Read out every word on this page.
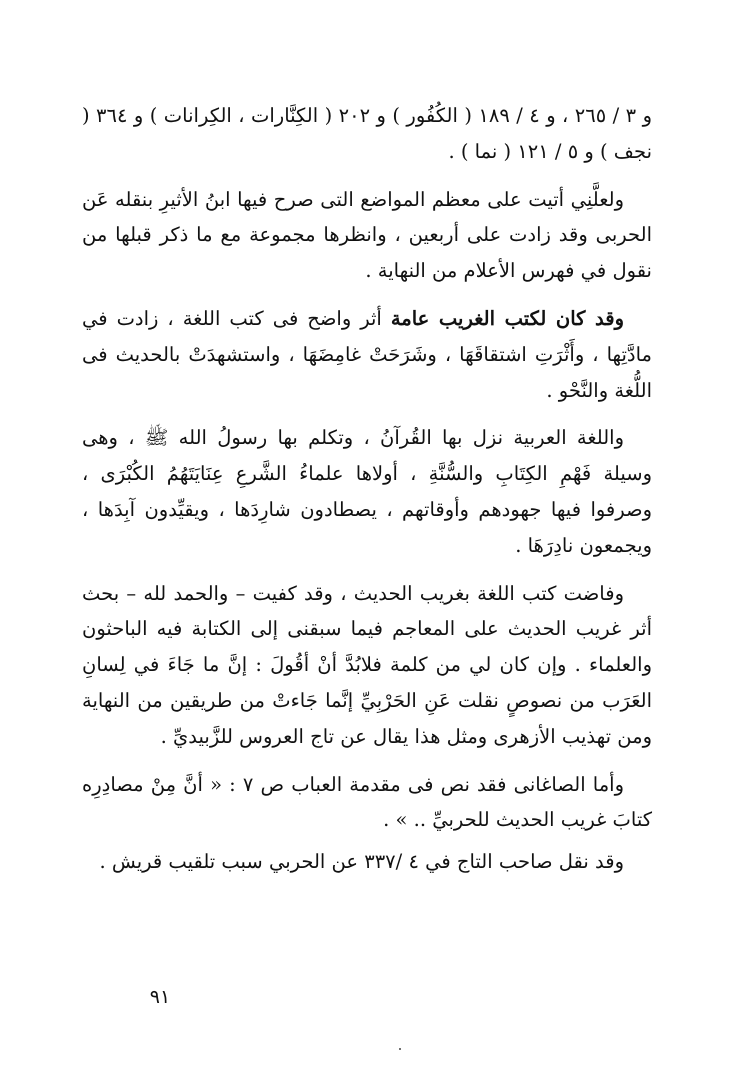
و ٣ / ٢٦٥ ، و ٤ / ١٨٩ ( الكُفُور ) و ٢٠٢ ( الكِنَّارات ، الكِرانات ) و ٣٦٤ ( نجف ) و ٥ / ١٢١ ( نما ) .

ولعلَّنِي أتيت على معظم المواضع التى صرح فيها ابنُ الأثيرِ بنقله عَن الحربى وقد زادت على أربعين ، وانظرها مجموعة مع ما ذكر قبلها من نقول في فهرس الأعلام من النهاية .

وقد كان لكتب الغريب عامة أثر واضح فى كتب اللغة ، زادت في مادَّتِها ، وأَثْرَتِ اشتقاقَهَا ، وشَرَحَتْ غامِضَهَا ، واستشهدَتْ بالحديث فى اللُّغة والنَّحْو .

واللغة العربية نزل بها القُرآنُ ، وتكلم بها رسولُ الله ﷺ ، وهى وسيلة فَهْمِ الكِتَابِ والسُّنَّةِ ، أولاها علماءُ الشَّرعِ عِنَايَتَهُمُ الكُبْرَى ، وصرفوا فيها جهودهم وأوقاتهم ، يصطادون شارِدَها ، ويقيِّدون آبِدَها ، ويجمعون نادِرَهَا .

وفاضت كتب اللغة بغريب الحديث ، وقد كفيت – والحمد لله – بحث أثر غريب الحديث على المعاجم فيما سبقنى إلى الكتابة فيه الباحثون والعلماء . وإن كان لي من كلمة فلابُدَّ أنْ أقُولَ : إنَّ ما جَاءَ في لِسانِ العَرَب من نصوصٍ نقلت عَنِ الحَرْبِيِّ إنَّما جَاءتْ من طريقين من النهاية ومن تهذيب الأزهرى ومثل هذا يقال عن تاج العروس للزَّبيديِّ .

وأما الصاغانى فقد نص فى مقدمة العباب ص ٧ : « أنَّ مِنْ مصادِرِه كتابَ غريب الحديث للحربيِّ .. » .

وقد نقل صاحب التاج في ٤ /٣٣٧ عن الحربي سبب تلقيب قريش .

٩١
